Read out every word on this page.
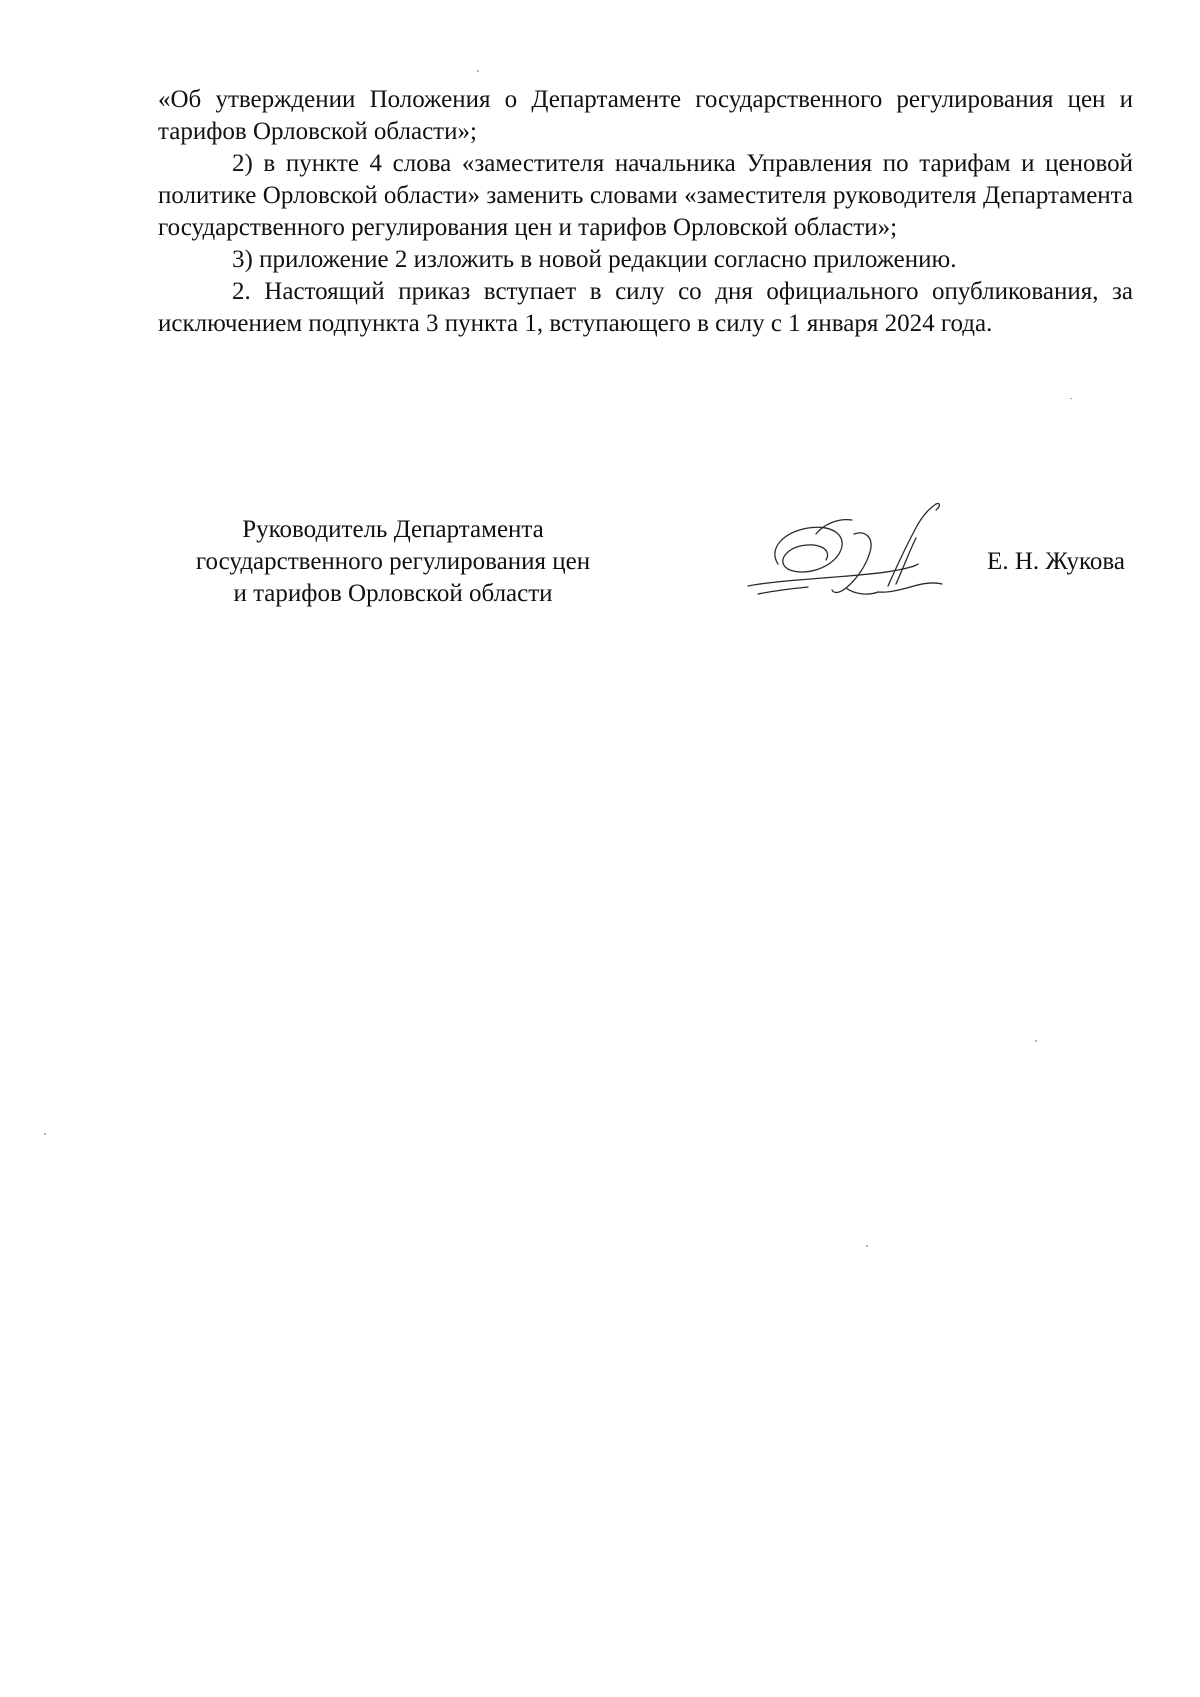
«Об утверждении Положения о Департаменте государственного регулирования цен и тарифов Орловской области»;

2) в пункте 4 слова «заместителя начальника Управления по тарифам и ценовой политике Орловской области» заменить словами «заместителя руководителя Департамента государственного регулирования цен и тарифов Орловской области»;

3) приложение 2 изложить в новой редакции согласно приложению.

2. Настоящий приказ вступает в силу со дня официального опубликования, за исключением подпункта 3 пункта 1, вступающего в силу с 1 января 2024 года.

Руководитель Департамента
государственного регулирования цен
и тарифов Орловской области
Е. Н. Жукова
